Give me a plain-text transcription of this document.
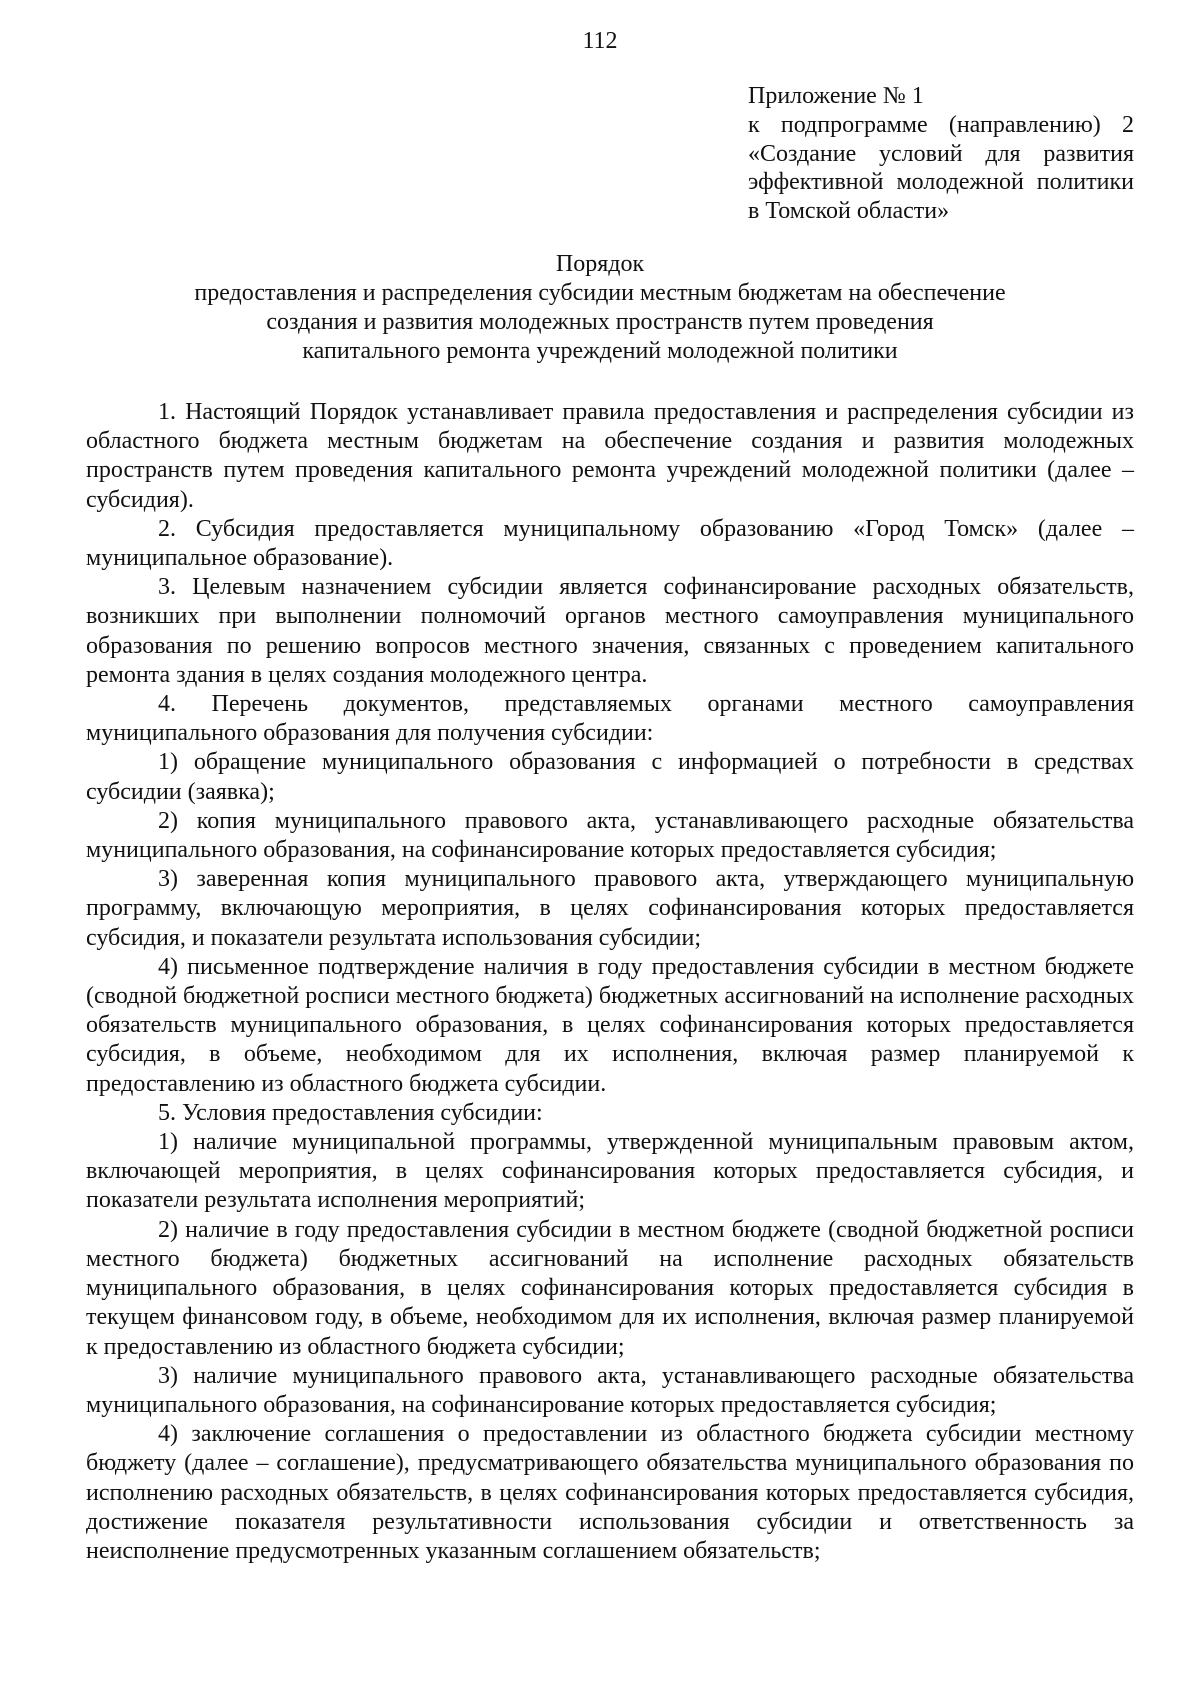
112
Приложение № 1
к подпрограмме (направлению) 2
«Создание условий для развития
эффективной молодежной политики
в Томской области»
Порядок
предоставления и распределения субсидии местным бюджетам на обеспечение
создания и развития молодежных пространств путем проведения
капитального ремонта учреждений молодежной политики

1. Настоящий Порядок устанавливает правила предоставления и распределения субсидии из областного бюджета местным бюджетам на обеспечение создания и развития молодежных пространств путем проведения капитального ремонта учреждений молодежной политики (далее – субсидия).

2. Субсидия предоставляется муниципальному образованию «Город Томск» (далее – муниципальное образование).

3. Целевым назначением субсидии является софинансирование расходных обязательств, возникших при выполнении полномочий органов местного самоуправления муниципального образования по решению вопросов местного значения, связанных с проведением капитального ремонта здания в целях создания молодежного центра.

4. Перечень документов, представляемых органами местного самоуправления муниципального образования для получения субсидии:

1) обращение муниципального образования с информацией о потребности в средствах субсидии (заявка);

2) копия муниципального правового акта, устанавливающего расходные обязательства муниципального образования, на софинансирование которых предоставляется субсидия;

3) заверенная копия муниципального правового акта, утверждающего муниципальную программу, включающую мероприятия, в целях софинансирования которых предоставляется субсидия, и показатели результата использования субсидии;

4) письменное подтверждение наличия в году предоставления субсидии в местном бюджете (сводной бюджетной росписи местного бюджета) бюджетных ассигнований на исполнение расходных обязательств муниципального образования, в целях софинансирования которых предоставляется субсидия, в объеме, необходимом для их исполнения, включая размер планируемой к предоставлению из областного бюджета субсидии.

5. Условия предоставления субсидии:

1) наличие муниципальной программы, утвержденной муниципальным правовым актом, включающей мероприятия, в целях софинансирования которых предоставляется субсидия, и показатели результата исполнения мероприятий;

2) наличие в году предоставления субсидии в местном бюджете (сводной бюджетной росписи местного бюджета) бюджетных ассигнований на исполнение расходных обязательств муниципального образования, в целях софинансирования которых предоставляется субсидия в текущем финансовом году, в объеме, необходимом для их исполнения, включая размер планируемой к предоставлению из областного бюджета субсидии;

3) наличие муниципального правового акта, устанавливающего расходные обязательства муниципального образования, на софинансирование которых предоставляется субсидия;

4) заключение соглашения о предоставлении из областного бюджета субсидии местному бюджету (далее – соглашение), предусматривающего обязательства муниципального образования по исполнению расходных обязательств, в целях софинансирования которых предоставляется субсидия, достижение показателя результативности использования субсидии и ответственность за неисполнение предусмотренных указанным соглашением обязательств;
